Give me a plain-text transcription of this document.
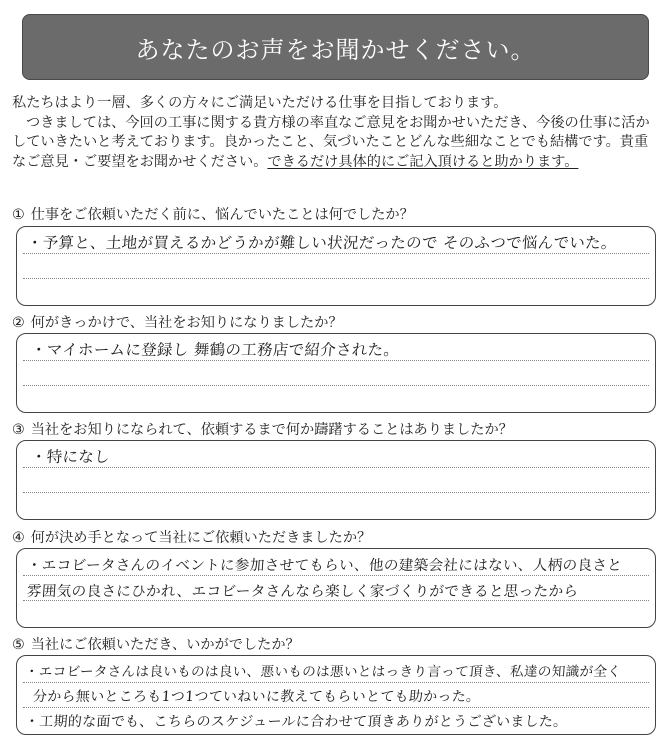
あなたのお声をお聞かせください。

私たちはより一層、多くの方々にご満足いただける仕事を目指しております。

つきましては、今回の工事に関する貴方様の率直なご意見をお聞かせいただき、今後の仕事に活かしていきたいと考えております。良かったこと、気づいたことどんな些細なことでも結構です。貴重なご意見・ご要望をお聞かせください。できるだけ具体的にご記入頂けると助かります。

① 仕事をご依頼いただく前に、悩んでいたことは何でしたか？
・予算と、土地が買えるかどうかが難しい状況だったので そのふつで悩んでいた。
② 何がきっかけで、当社をお知りになりましたか？
・マイホームに登録し 舞鶴の工務店で紹介された。
③ 当社をお知りになられて、依頼するまで何か躊躇することはありましたか？
・特になし
④ 何が決め手となって当社にご依頼いただきましたか？
・エコビータさんのイベントに参加させてもらい、他の建築会社にはない、人柄の良さと
雰囲気の良さにひかれ、エコビータさんなら楽しく家づくりができると思ったから
⑤ 当社にご依頼いただき、いかがでしたか？
・エコビータさんは良いものは良い、悪いものは悪いとはっきり言って頂き、私達の知識が全く
分から無いところも1つ1つていねいに教えてもらいとても助かった。
・工期的な面でも、こちらのスケジュールに合わせて頂きありがとうございました。
